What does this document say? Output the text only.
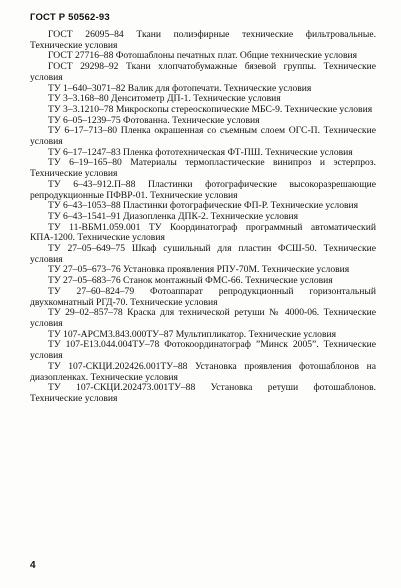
ГОСТ Р 50562-93

ГОСТ 26095–84 Ткани полиэфирные технические фильтровальные. Технические условия

ГОСТ 27716–88 Фотошаблоны печатных плат. Общие технические условия

ГОСТ 29298–92 Ткани хлопчатобумажные бязевой группы. Технические условия

ТУ 1–640–3071–82 Валик для фотопечати. Технические условия

ТУ 3–3.168–80 Денситометр ДП-1. Технические условия

ТУ 3–3.1210–78 Микроскопы стереоскопические МБС-9. Технические условия

ТУ 6–05–1239–75 Фотованна. Технические условия

ТУ 6–17–713–80 Пленка окрашенная со съемным слоем ОГС-П. Технические условия

ТУ 6–17–1247–83 Пленка фототехническая ФТ-ПШ. Технические условия

ТУ 6–19–165–80 Материалы термопластические винипроз и эстерпроз. Технические условия

ТУ 6–43–912.П–88 Пластинки фотографические высокоразрешающие репродукционные ПФВР-01. Технические условия

ТУ 6–43–1053–88 Пластинки фотографические ФП-Р. Технические условия

ТУ 6–43–1541–91 Диазопленка ДПК-2. Технические условия

ТУ 11-ВБМ1.059.001 ТУ Координатограф программный автоматический КПА-1200. Технические условия

ТУ 27–05–649–75 Шкаф сушильный для пластин ФСШ-50. Технические условия

ТУ 27–05–673–76 Установка проявления РПУ-70М. Технические условия

ТУ 27–05–683–76 Станок монтажный ФМС-66. Технические условия

ТУ 27–60–824–79 Фотоаппарат репродукционный горизонтальный двухкомнатный РГД-70. Технические условия

ТУ 29–02–857–78 Краска для технической ретуши № 4000-06. Технические условия

ТУ 107-АРСМ3.843.000ТУ–87 Мультипликатор. Технические условия

ТУ 107-Е13.044.004ТУ–78 Фотокоординатограф ”Минск 2005”. Технические условия

ТУ 107-СКЦИ.202426.001ТУ–88 Установка проявления фотошаблонов на диазопленках. Технические условия

ТУ 107-СКЦИ.202473.001ТУ–88 Установка ретуши фотошаблонов. Технические условия

4
